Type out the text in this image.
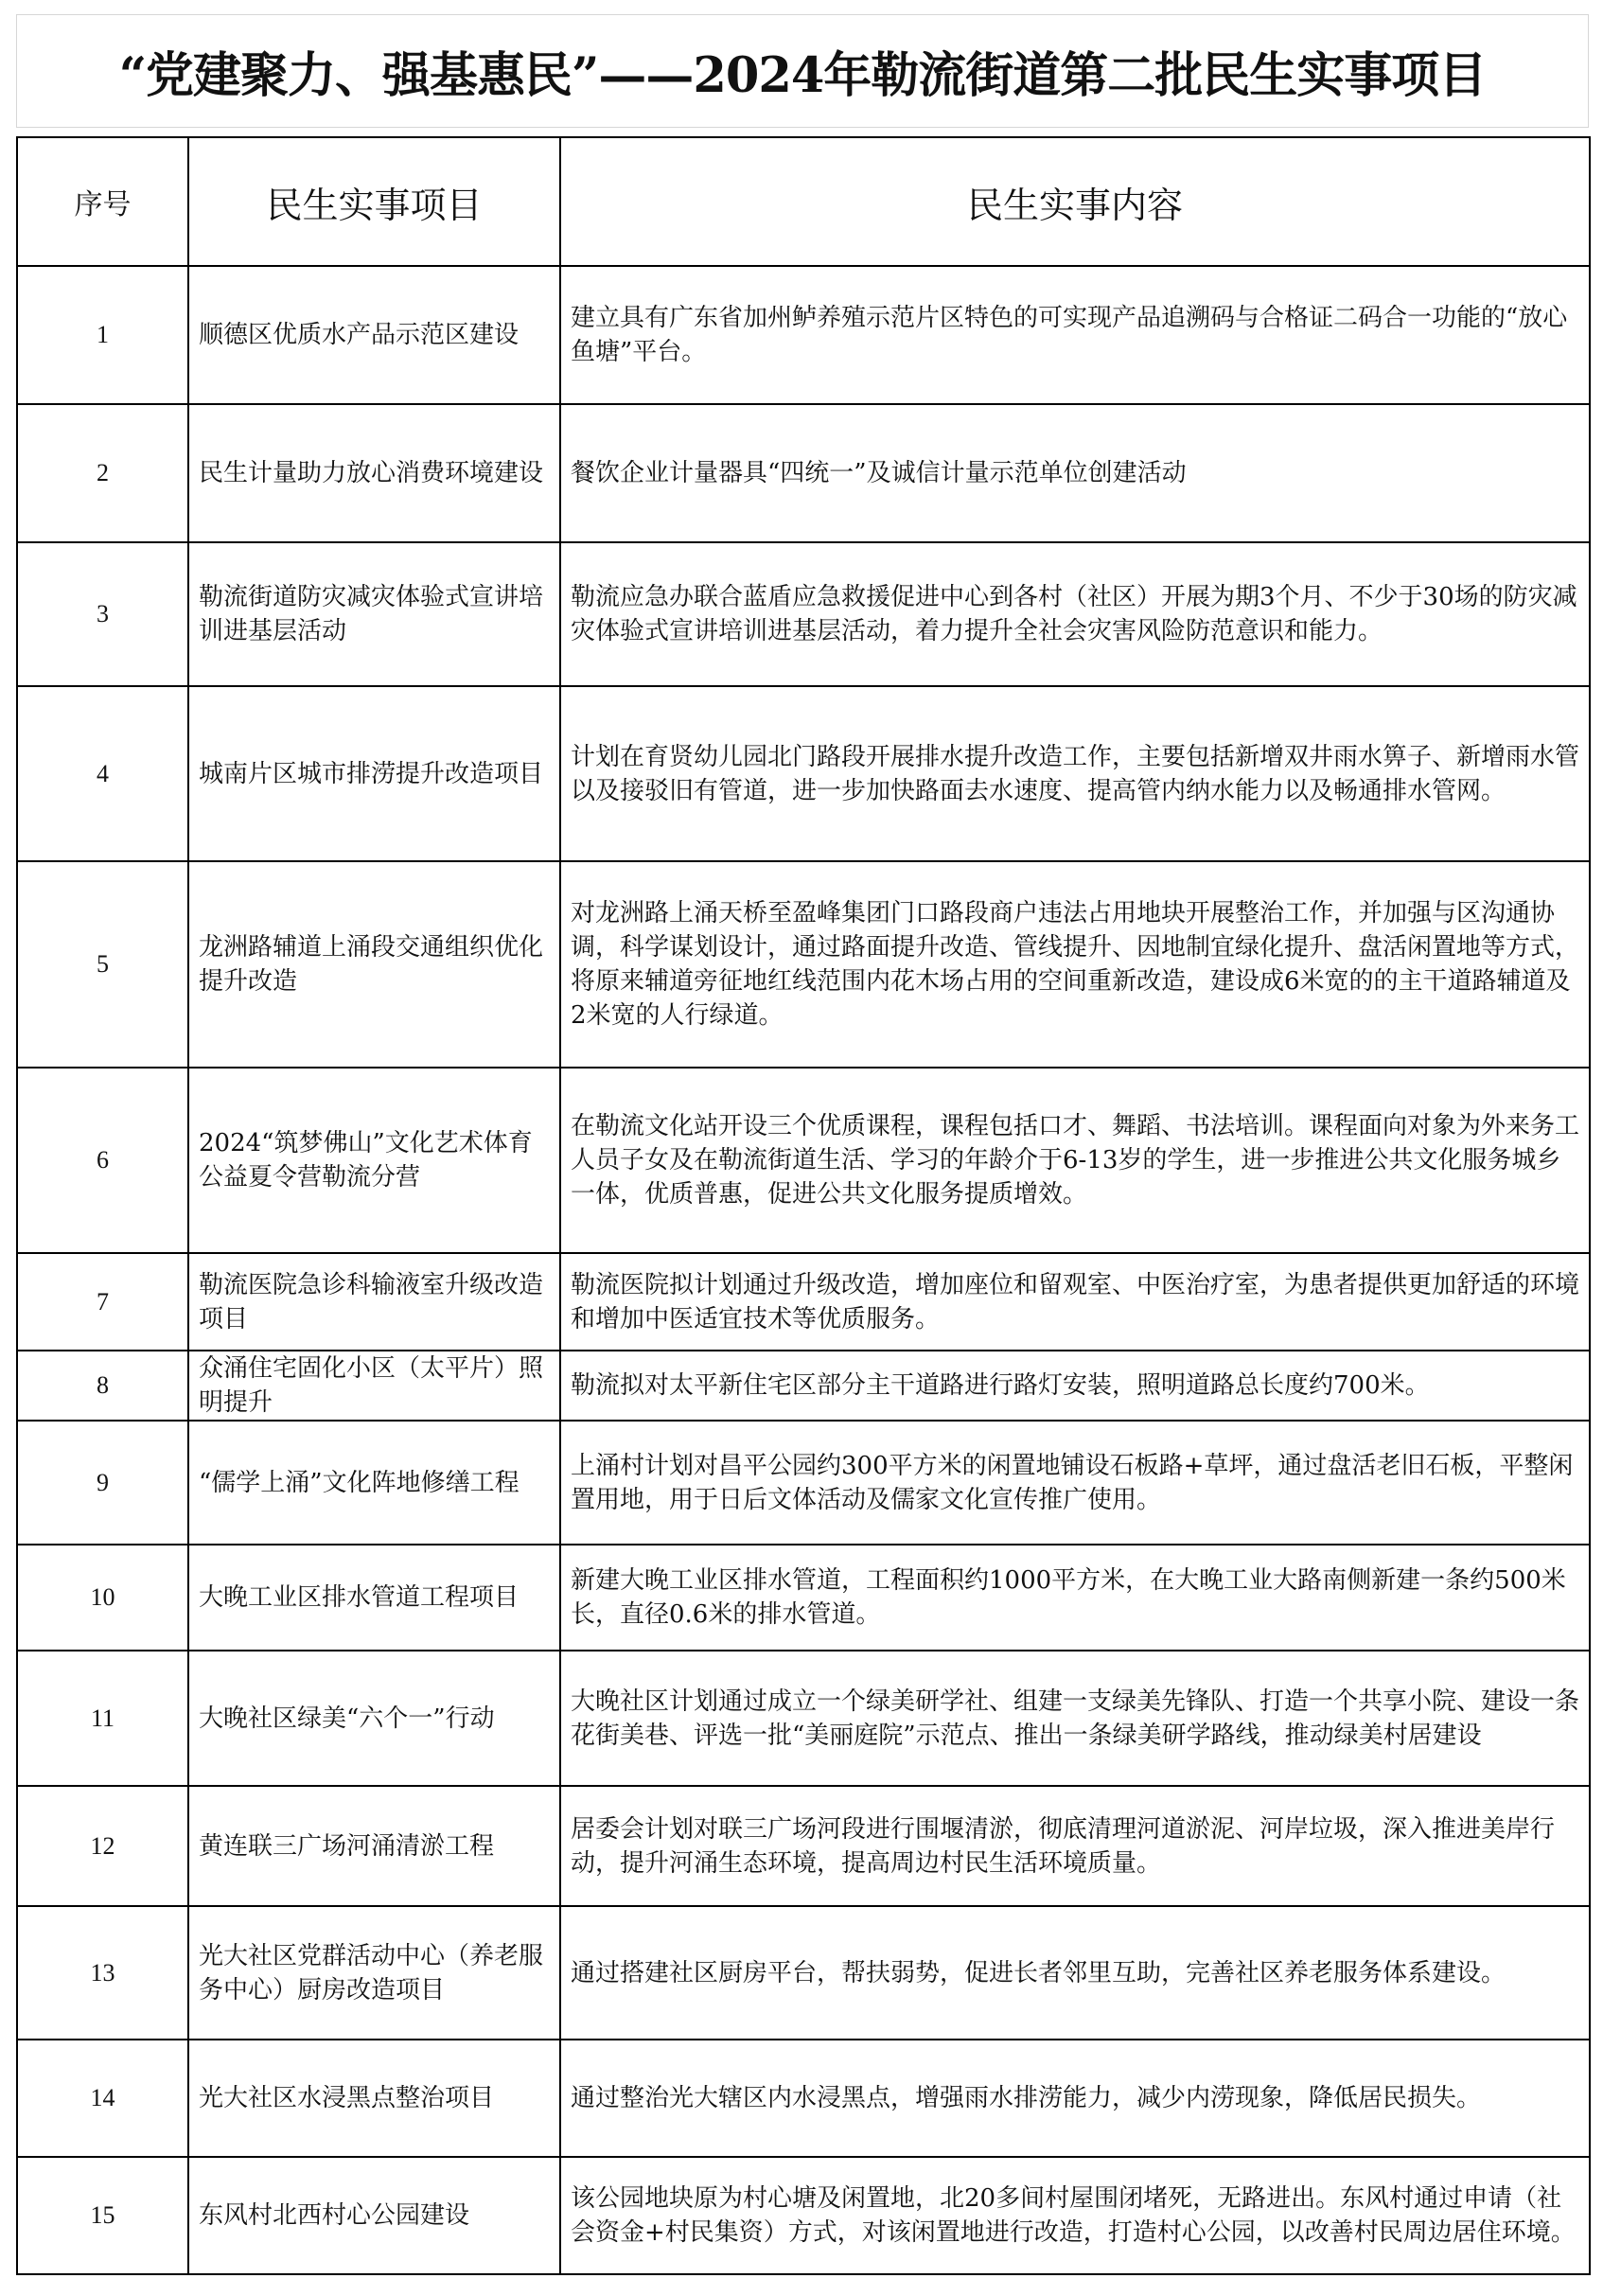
“党建聚力、强基惠民”——2024年勒流街道第二批民生实事项目
序号	民生实事项目	民生实事内容
1	顺德区优质水产品示范区建设	建立具有广东省加州鲈养殖示范片区特色的可实现产品追溯码与合格证二码合一功能的“放心鱼塘”平台。
2	民生计量助力放心消费环境建设	餐饮企业计量器具“四统一”及诚信计量示范单位创建活动
3	勒流街道防灾减灾体验式宣讲培训进基层活动	勒流应急办联合蓝盾应急救援促进中心到各村（社区）开展为期3个月、不少于30场的防灾减灾体验式宣讲培训进基层活动，着力提升全社会灾害风险防范意识和能力。
4	城南片区城市排涝提升改造项目	计划在育贤幼儿园北门路段开展排水提升改造工作，主要包括新增双井雨水箅子、新增雨水管以及接驳旧有管道，进一步加快路面去水速度、提高管内纳水能力以及畅通排水管网。
5	龙洲路辅道上涌段交通组织优化提升改造	对龙洲路上涌天桥至盈峰集团门口路段商户违法占用地块开展整治工作，并加强与区沟通协调，科学谋划设计，通过路面提升改造、管线提升、因地制宜绿化提升、盘活闲置地等方式，将原来辅道旁征地红线范围内花木场占用的空间重新改造，建设成6米宽的的主干道路辅道及2米宽的人行绿道。
6	2024“筑梦佛山”文化艺术体育公益夏令营勒流分营	在勒流文化站开设三个优质课程，课程包括口才、舞蹈、书法培训。课程面向对象为外来务工人员子女及在勒流街道生活、学习的年龄介于6-13岁的学生，进一步推进公共文化服务城乡一体，优质普惠，促进公共文化服务提质增效。
7	勒流医院急诊科输液室升级改造项目	勒流医院拟计划通过升级改造，增加座位和留观室、中医治疗室，为患者提供更加舒适的环境和增加中医适宜技术等优质服务。
8	众涌住宅固化小区（太平片）照明提升	勒流拟对太平新住宅区部分主干道路进行路灯安装，照明道路总长度约700米。
9	“儒学上涌”文化阵地修缮工程	上涌村计划对昌平公园约300平方米的闲置地铺设石板路+草坪，通过盘活老旧石板，平整闲置用地，用于日后文体活动及儒家文化宣传推广使用。
10	大晚工业区排水管道工程项目	新建大晚工业区排水管道，工程面积约1000平方米，在大晚工业大路南侧新建一条约500米长，直径0.6米的排水管道。
11	大晚社区绿美“六个一”行动	大晚社区计划通过成立一个绿美研学社、组建一支绿美先锋队、打造一个共享小院、建设一条花街美巷、评选一批“美丽庭院”示范点、推出一条绿美研学路线，推动绿美村居建设
12	黄连联三广场河涌清淤工程	居委会计划对联三广场河段进行围堰清淤，彻底清理河道淤泥、河岸垃圾，深入推进美岸行动，提升河涌生态环境，提高周边村民生活环境质量。
13	光大社区党群活动中心（养老服务中心）厨房改造项目	通过搭建社区厨房平台，帮扶弱势，促进长者邻里互助，完善社区养老服务体系建设。
14	光大社区水浸黑点整治项目	通过整治光大辖区内水浸黑点，增强雨水排涝能力，减少内涝现象，降低居民损失。
15	东风村北西村心公园建设	该公园地块原为村心塘及闲置地，北20多间村屋围闭堵死，无路进出。东风村通过申请（社会资金+村民集资）方式，对该闲置地进行改造，打造村心公园，以改善村民周边居住环境。
